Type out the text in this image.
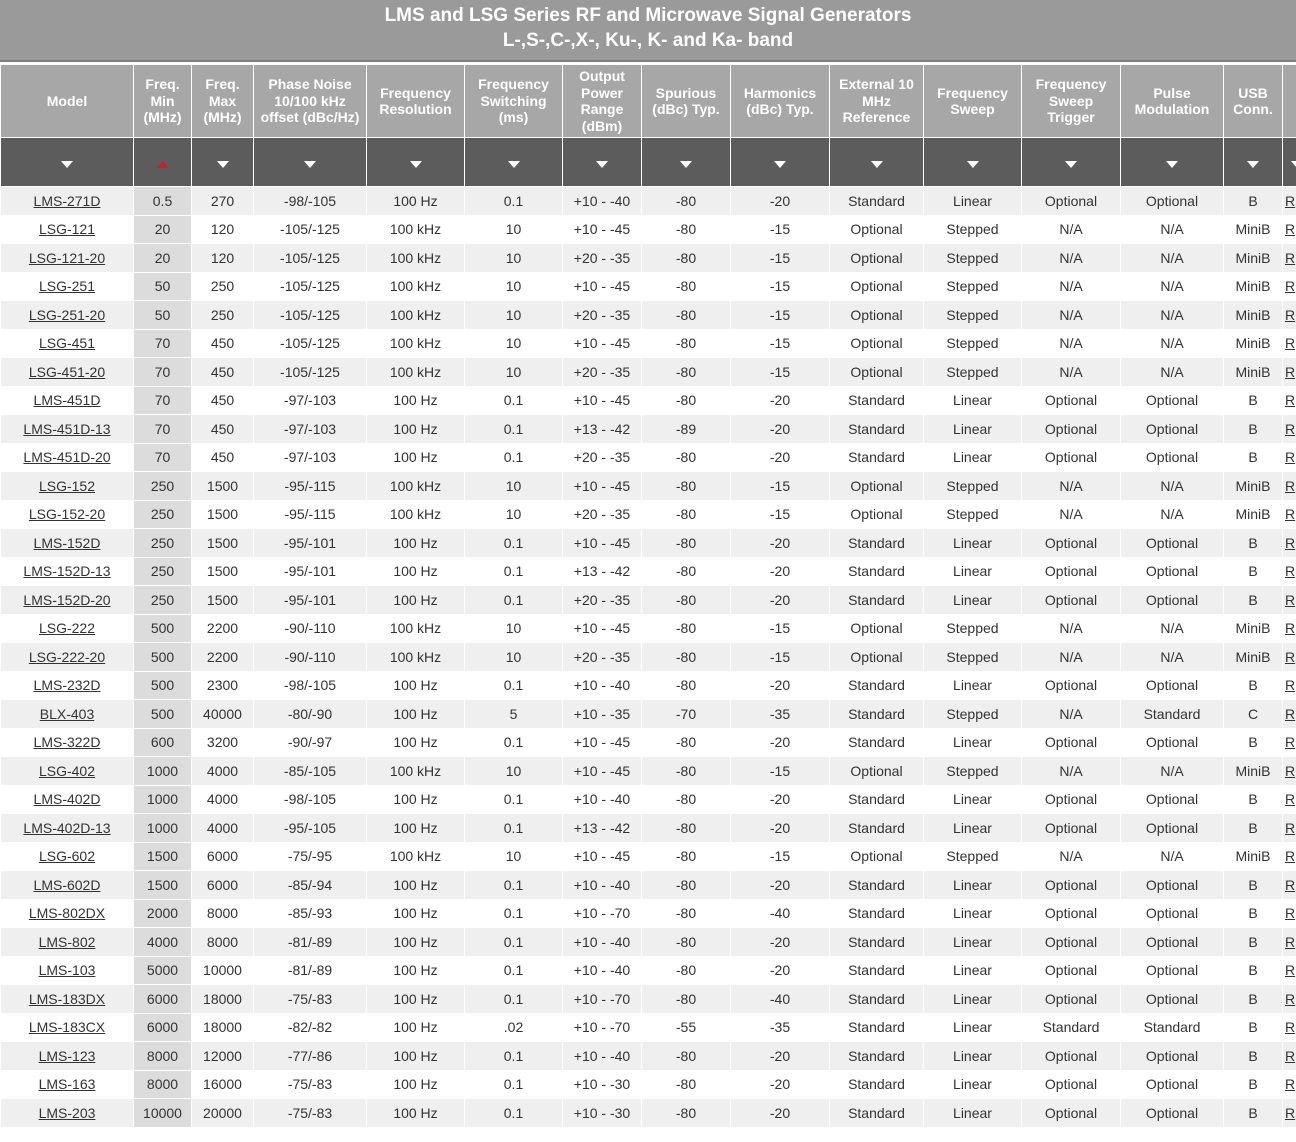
LMS and LSG Series RF and Microwave Signal Generators
L-,S-,C-,X-, Ku-, K- and Ka- band
Model	Freq. Min (MHz)	Freq. Max (MHz)	Phase Noise 10/100 kHz offset (dBc/Hz)	Frequency Resolution	Frequency Switching (ms)	Output Power Range (dBm)	Spurious (dBc) Typ.	Harmonics (dBc) Typ.	External 10 MHz Reference	Frequency Sweep	Frequency Sweep Trigger	Pulse Modulation	USB Conn.	

LMS-271D	0.5	270	-98/-105	100 Hz	0.1	+10 - -40	-80	-20	Standard	Linear	Optional	Optional	B	R
LSG-121	20	120	-105/-125	100 kHz	10	+10 - -45	-80	-15	Optional	Stepped	N/A	N/A	MiniB	R
LSG-121-20	20	120	-105/-125	100 kHz	10	+20 - -35	-80	-15	Optional	Stepped	N/A	N/A	MiniB	R
LSG-251	50	250	-105/-125	100 kHz	10	+10 - -45	-80	-15	Optional	Stepped	N/A	N/A	MiniB	R
LSG-251-20	50	250	-105/-125	100 kHz	10	+20 - -35	-80	-15	Optional	Stepped	N/A	N/A	MiniB	R
LSG-451	70	450	-105/-125	100 kHz	10	+10 - -45	-80	-15	Optional	Stepped	N/A	N/A	MiniB	R
LSG-451-20	70	450	-105/-125	100 kHz	10	+20 - -35	-80	-15	Optional	Stepped	N/A	N/A	MiniB	R
LMS-451D	70	450	-97/-103	100 Hz	0.1	+10 - -45	-80	-20	Standard	Linear	Optional	Optional	B	R
LMS-451D-13	70	450	-97/-103	100 Hz	0.1	+13 - -42	-89	-20	Standard	Linear	Optional	Optional	B	R
LMS-451D-20	70	450	-97/-103	100 Hz	0.1	+20 - -35	-80	-20	Standard	Linear	Optional	Optional	B	R
LSG-152	250	1500	-95/-115	100 kHz	10	+10 - -45	-80	-15	Optional	Stepped	N/A	N/A	MiniB	R
LSG-152-20	250	1500	-95/-115	100 kHz	10	+20 - -35	-80	-15	Optional	Stepped	N/A	N/A	MiniB	R
LMS-152D	250	1500	-95/-101	100 Hz	0.1	+10 - -45	-80	-20	Standard	Linear	Optional	Optional	B	R
LMS-152D-13	250	1500	-95/-101	100 Hz	0.1	+13 - -42	-80	-20	Standard	Linear	Optional	Optional	B	R
LMS-152D-20	250	1500	-95/-101	100 Hz	0.1	+20 - -35	-80	-20	Standard	Linear	Optional	Optional	B	R
LSG-222	500	2200	-90/-110	100 kHz	10	+10 - -45	-80	-15	Optional	Stepped	N/A	N/A	MiniB	R
LSG-222-20	500	2200	-90/-110	100 kHz	10	+20 - -35	-80	-15	Optional	Stepped	N/A	N/A	MiniB	R
LMS-232D	500	2300	-98/-105	100 Hz	0.1	+10 - -40	-80	-20	Standard	Linear	Optional	Optional	B	R
BLX-403	500	40000	-80/-90	100 Hz	5	+10 - -35	-70	-35	Standard	Stepped	N/A	Standard	C	R
LMS-322D	600	3200	-90/-97	100 Hz	0.1	+10 - -45	-80	-20	Standard	Linear	Optional	Optional	B	R
LSG-402	1000	4000	-85/-105	100 kHz	10	+10 - -45	-80	-15	Optional	Stepped	N/A	N/A	MiniB	R
LMS-402D	1000	4000	-98/-105	100 Hz	0.1	+10 - -40	-80	-20	Standard	Linear	Optional	Optional	B	R
LMS-402D-13	1000	4000	-95/-105	100 Hz	0.1	+13 - -42	-80	-20	Standard	Linear	Optional	Optional	B	R
LSG-602	1500	6000	-75/-95	100 kHz	10	+10 - -45	-80	-15	Optional	Stepped	N/A	N/A	MiniB	R
LMS-602D	1500	6000	-85/-94	100 Hz	0.1	+10 - -40	-80	-20	Standard	Linear	Optional	Optional	B	R
LMS-802DX	2000	8000	-85/-93	100 Hz	0.1	+10 - -70	-80	-40	Standard	Linear	Optional	Optional	B	R
LMS-802	4000	8000	-81/-89	100 Hz	0.1	+10 - -40	-80	-20	Standard	Linear	Optional	Optional	B	R
LMS-103	5000	10000	-81/-89	100 Hz	0.1	+10 - -40	-80	-20	Standard	Linear	Optional	Optional	B	R
LMS-183DX	6000	18000	-75/-83	100 Hz	0.1	+10 - -70	-80	-40	Standard	Linear	Optional	Optional	B	R
LMS-183CX	6000	18000	-82/-82	100 Hz	.02	+10 - -70	-55	-35	Standard	Linear	Standard	Standard	B	R
LMS-123	8000	12000	-77/-86	100 Hz	0.1	+10 - -40	-80	-20	Standard	Linear	Optional	Optional	B	R
LMS-163	8000	16000	-75/-83	100 Hz	0.1	+10 - -30	-80	-20	Standard	Linear	Optional	Optional	B	R
LMS-203	10000	20000	-75/-83	100 Hz	0.1	+10 - -30	-80	-20	Standard	Linear	Optional	Optional	B	R
